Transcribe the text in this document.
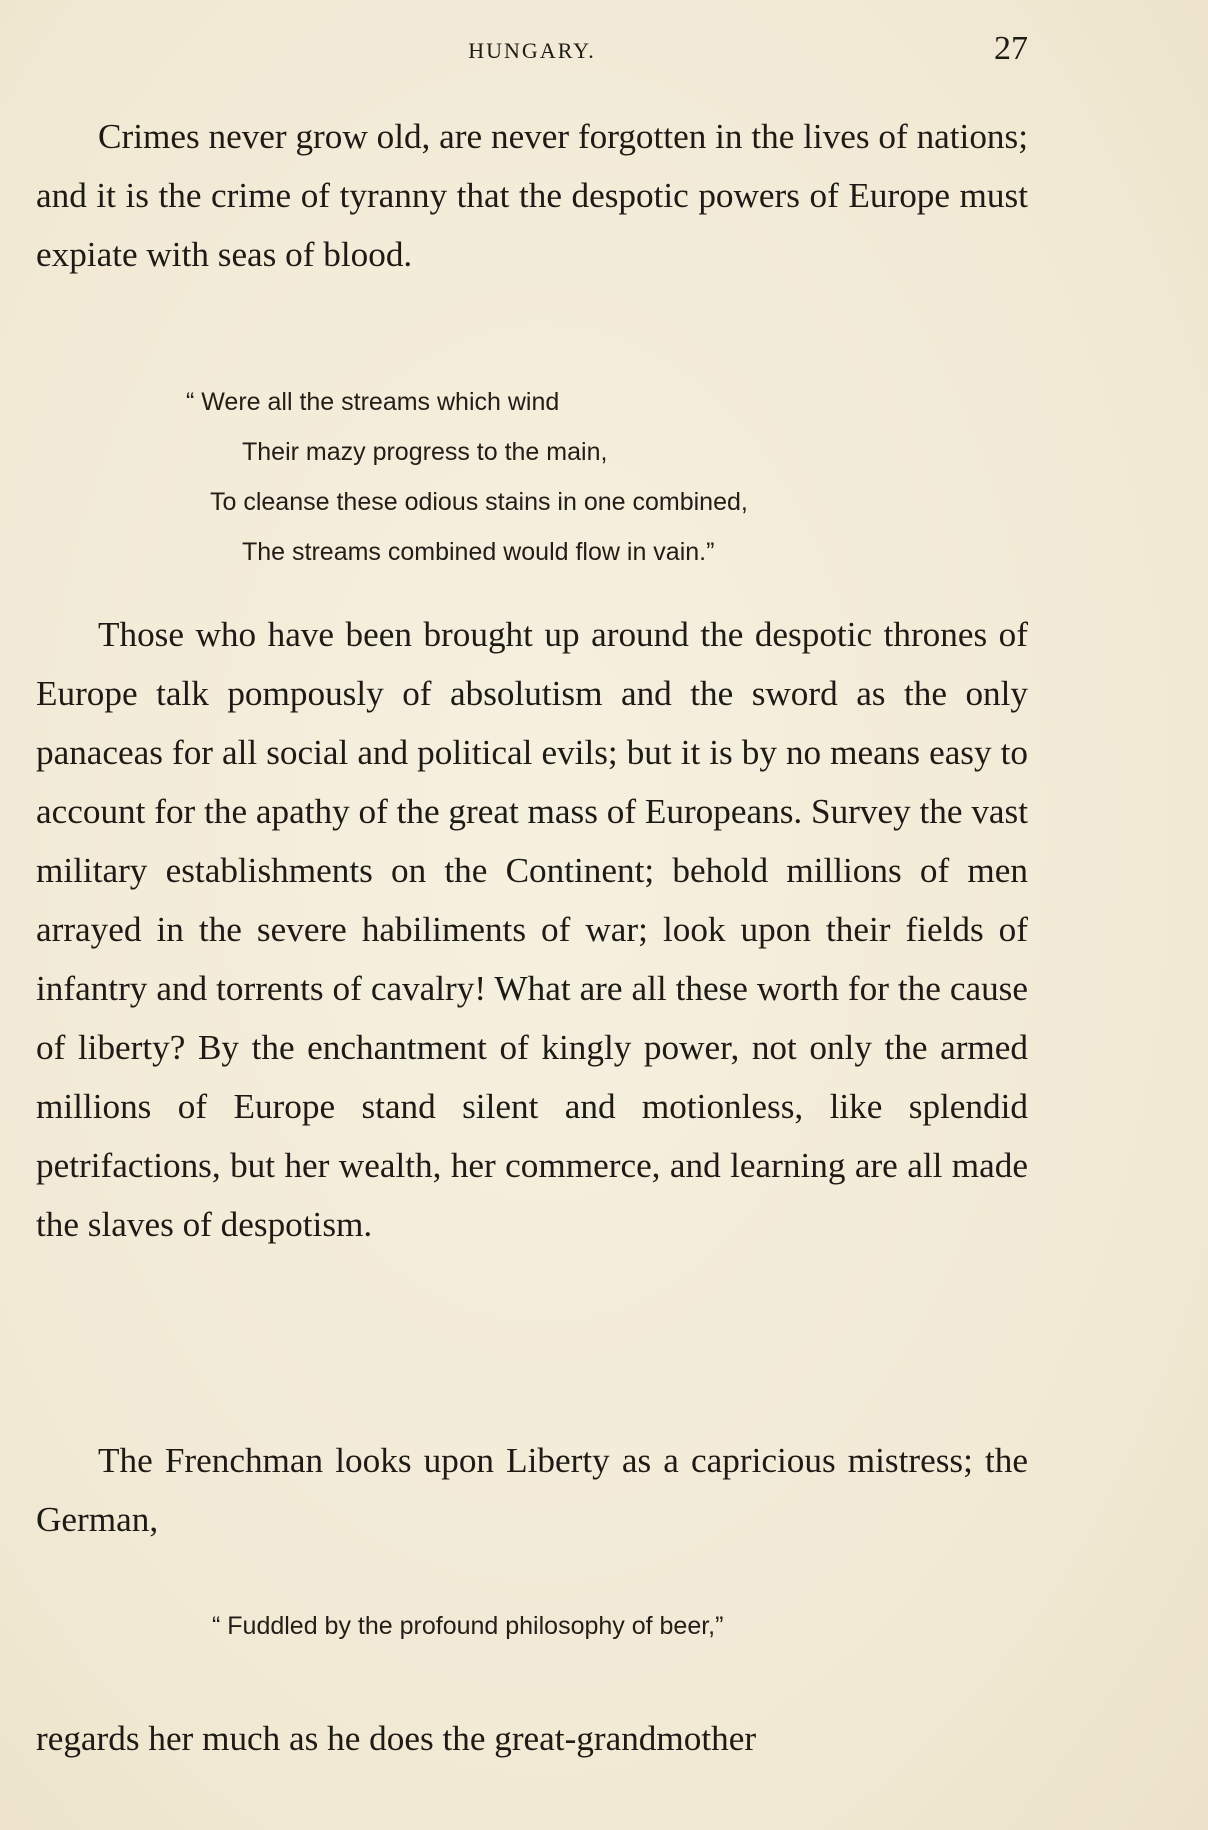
HUNGARY.	27

Crimes never grow old, are never forgotten in the lives of nations; and it is the crime of tyranny that the despotic powers of Europe must expiate with seas of blood.

“ Were all the streams which wind
Their mazy progress to the main,
To cleanse these odious stains in one combined,
The streams combined would flow in vain.”

Those who have been brought up around the despotic thrones of Europe talk pompously of absolutism and the sword as the only panaceas for all social and political evils; but it is by no means easy to account for the apathy of the great mass of Europeans. Survey the vast military establishments on the Continent; behold millions of men arrayed in the severe habiliments of war; look upon their fields of infantry and torrents of cavalry! What are all these worth for the cause of liberty? By the enchantment of kingly power, not only the armed millions of Europe stand silent and motionless, like splendid petrifactions, but her wealth, her commerce, and learning are all made the slaves of despotism.

The Frenchman looks upon Liberty as a capricious mistress; the German,

“ Fuddled by the profound philosophy of beer,”

regards her much as he does the great-grandmother
